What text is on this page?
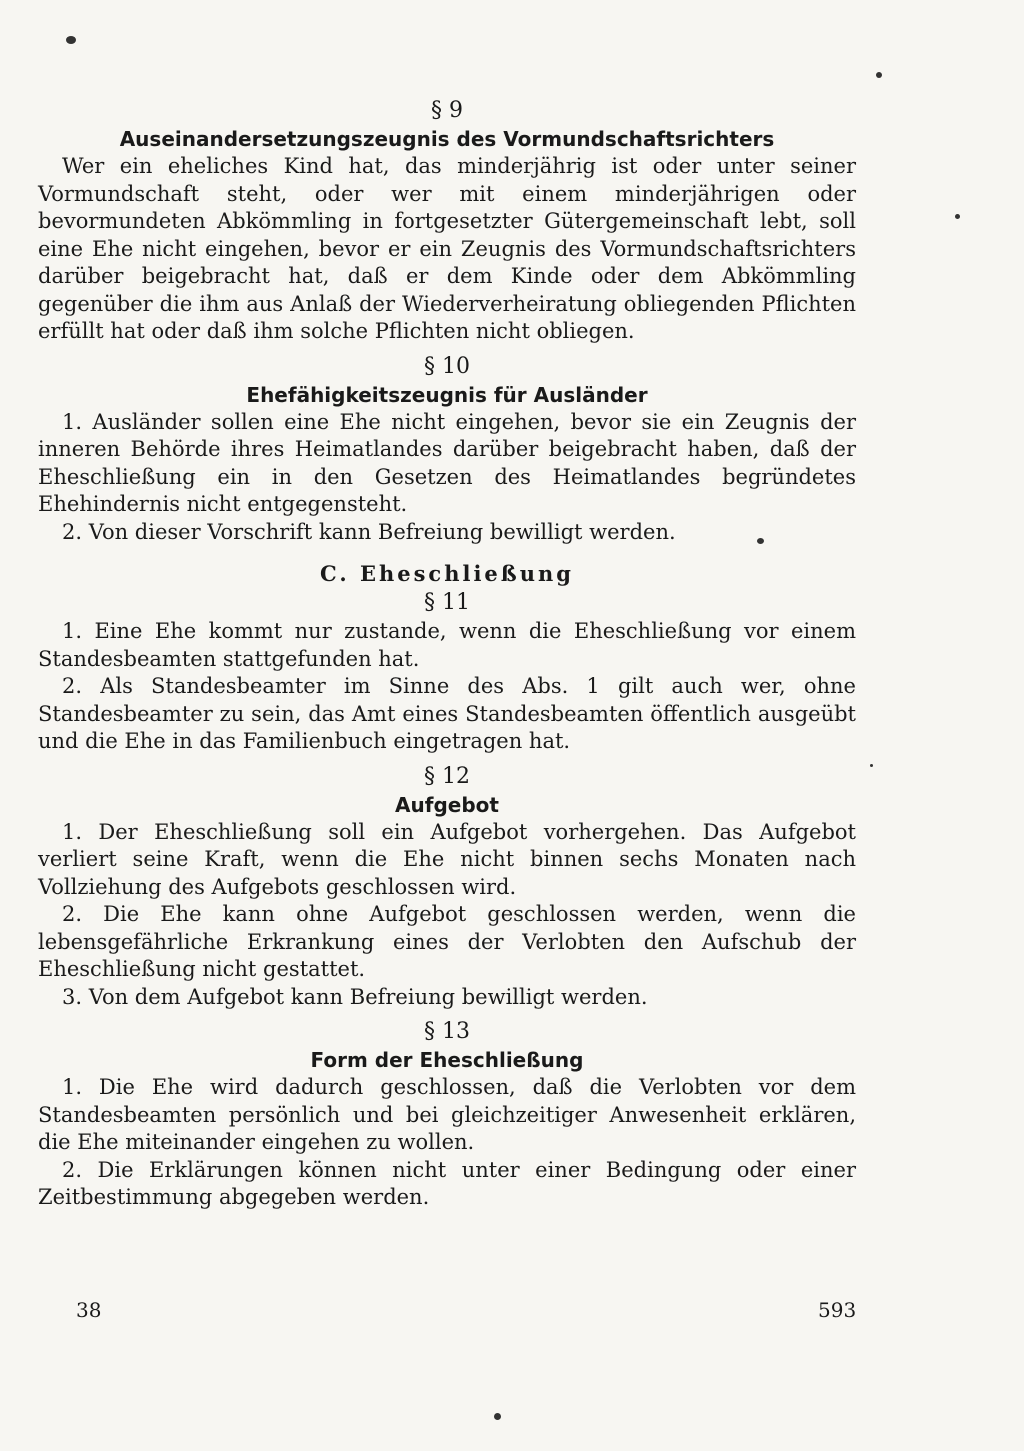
§ 9
Auseinandersetzungszeugnis des Vormundschaftsrichters

Wer ein eheliches Kind hat, das minderjährig ist oder unter seiner Vormundschaft steht, oder wer mit einem minderjährigen oder bevormundeten Abkömmling in fortgesetzter Gütergemeinschaft lebt, soll eine Ehe nicht eingehen, bevor er ein Zeugnis des Vormundschaftsrichters darüber beigebracht hat, daß er dem Kinde oder dem Abkömmling gegenüber die ihm aus Anlaß der Wiederverheiratung obliegenden Pflichten erfüllt hat oder daß ihm solche Pflichten nicht obliegen.

§ 10
Ehefähigkeitszeugnis für Ausländer

1. Ausländer sollen eine Ehe nicht eingehen, bevor sie ein Zeugnis der inneren Behörde ihres Heimatlandes darüber beigebracht haben, daß der Eheschließung ein in den Gesetzen des Heimatlandes begründetes Ehehindernis nicht entgegensteht.

2. Von dieser Vorschrift kann Befreiung bewilligt werden.

C. Eheschließung
§ 11

1. Eine Ehe kommt nur zustande, wenn die Eheschließung vor einem Standesbeamten stattgefunden hat.

2. Als Standesbeamter im Sinne des Abs. 1 gilt auch wer, ohne Standesbeamter zu sein, das Amt eines Standesbeamten öffentlich ausgeübt und die Ehe in das Familienbuch eingetragen hat.

§ 12
Aufgebot

1. Der Eheschließung soll ein Aufgebot vorhergehen. Das Aufgebot verliert seine Kraft, wenn die Ehe nicht binnen sechs Monaten nach Vollziehung des Aufgebots geschlossen wird.

2. Die Ehe kann ohne Aufgebot geschlossen werden, wenn die lebensgefährliche Erkrankung eines der Verlobten den Aufschub der Eheschließung nicht gestattet.

3. Von dem Aufgebot kann Befreiung bewilligt werden.

§ 13
Form der Eheschließung

1. Die Ehe wird dadurch geschlossen, daß die Verlobten vor dem Standesbeamten persönlich und bei gleichzeitiger Anwesenheit erklären, die Ehe miteinander eingehen zu wollen.

2. Die Erklärungen können nicht unter einer Bedingung oder einer Zeitbestimmung abgegeben werden.

38	593
